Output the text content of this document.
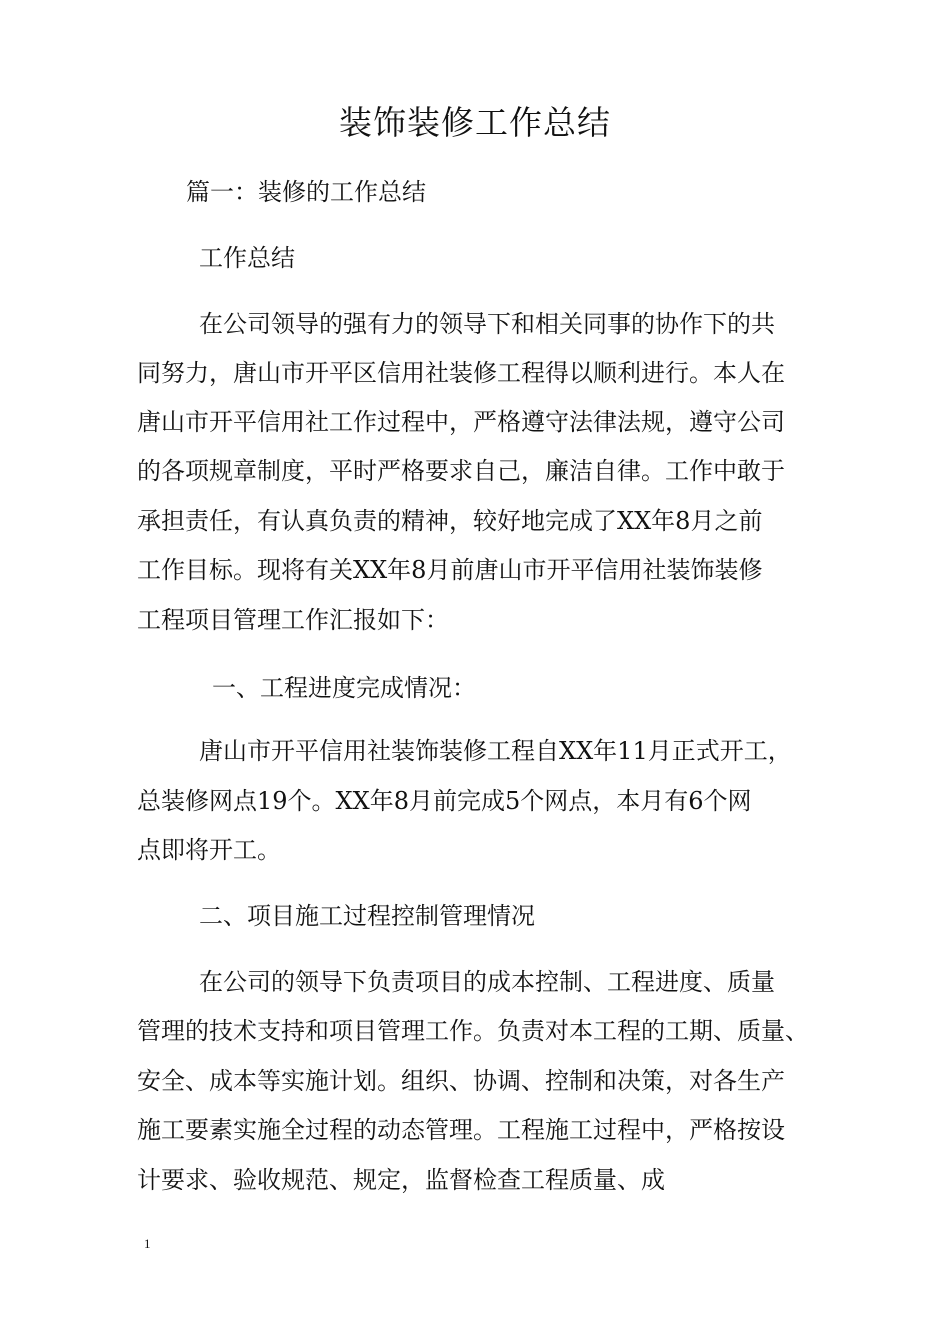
装饰装修工作总结
篇一：装修的工作总结
工作总结
在公司领导的强有力的领导下和相关同事的协作下的共
同努力，唐山市开平区信用社装修工程得以顺利进行。本人在
唐山市开平信用社工作过程中，严格遵守法律法规，遵守公司
的各项规章制度，平时严格要求自己，廉洁自律。工作中敢于
承担责任，有认真负责的精神，较好地完成了XX年8月之前
工作目标。现将有关XX年8月前唐山市开平信用社装饰装修
工程项目管理工作汇报如下：
一、工程进度完成情况：
唐山市开平信用社装饰装修工程自XX年11月正式开工，
总装修网点19个。XX年8月前完成5个网点，本月有6个网
点即将开工。
二、项目施工过程控制管理情况
在公司的领导下负责项目的成本控制、工程进度、质量
管理的技术支持和项目管理工作。负责对本工程的工期、质量、
安全、成本等实施计划。组织、协调、控制和决策，对各生产
施工要素实施全过程的动态管理。工程施工过程中，严格按设
计要求、验收规范、规定，监督检查工程质量、成
1
